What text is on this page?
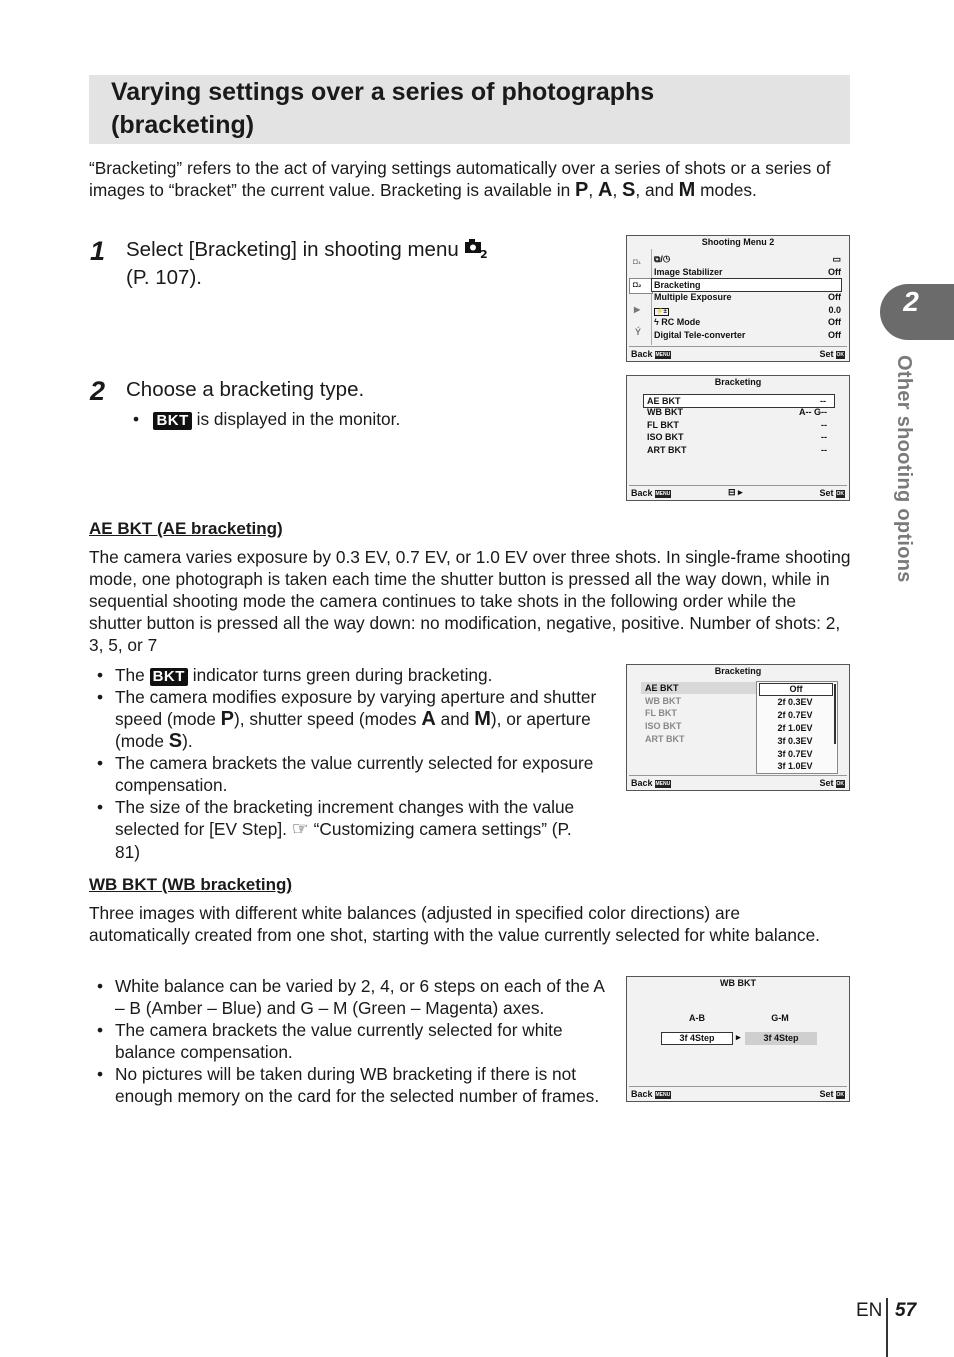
Varying settings over a series of photographs
(bracketing)
“Bracketing” refers to the act of varying settings automatically over a series of shots or a series of images to “bracket” the current value. Bracketing is available in P, A, S, and M modes.
1 Select [Bracketing] in shooting menu 2

(P. 107).
2 Choose a bracketing type.
•   BKT is displayed in the monitor.
Shooting Menu 2
◘₁
◘₂
▶
Ý
⧉/◷	▭
Image Stabilizer	Off
Bracketing
Multiple Exposure	Off
⚡±	0.0
ϟ RC Mode	Off
Digital Tele-converter	Off
Back MENU	Set OK
Bracketing
AE BKT	--
WB BKT	A-- G--
FL BKT	--
ISO BKT	--
ART BKT	--
Back MENU	⊟ ▸	Set OK
AE BKT (AE bracketing)
The camera varies exposure by 0.3 EV, 0.7 EV, or 1.0 EV over three shots. In single-frame shooting mode, one photograph is taken each time the shutter button is pressed all the way down, while in sequential shooting mode the camera continues to take shots in the following order while the shutter button is pressed all the way down: no modification, negative, positive. Number of shots: 2, 3, 5, or 7
• The BKT indicator turns green during bracketing.
• The camera modifies exposure by varying aperture and shutter speed (mode P), shutter speed (modes A and M), or aperture (mode S).
• The camera brackets the value currently selected for exposure compensation.
• The size of the bracketing increment changes with the value selected for [EV Step]. ☞ “Customizing camera settings” (P. 81)
Bracketing
AE BKT
WB BKT
FL BKT
ISO BKT
ART BKT
Off
2f 0.3EV
2f 0.7EV
2f 1.0EV
3f 0.3EV
3f 0.7EV
3f 1.0EV
Back MENU	Set OK
WB BKT (WB bracketing)
Three images with different white balances (adjusted in specified color directions) are automatically created from one shot, starting with the value currently selected for white balance.
• White balance can be varied by 2, 4, or 6 steps on each of the A – B (Amber – Blue) and G – M (Green – Magenta) axes.
• The camera brackets the value currently selected for white balance compensation.
• No pictures will be taken during WB bracketing if there is not enough memory on the card for the selected number of frames.
WB BKT
A-B	G-M
3f 4Step	▸	3f 4Step
Back MENU	Set OK
2
Other shooting options
EN 57
